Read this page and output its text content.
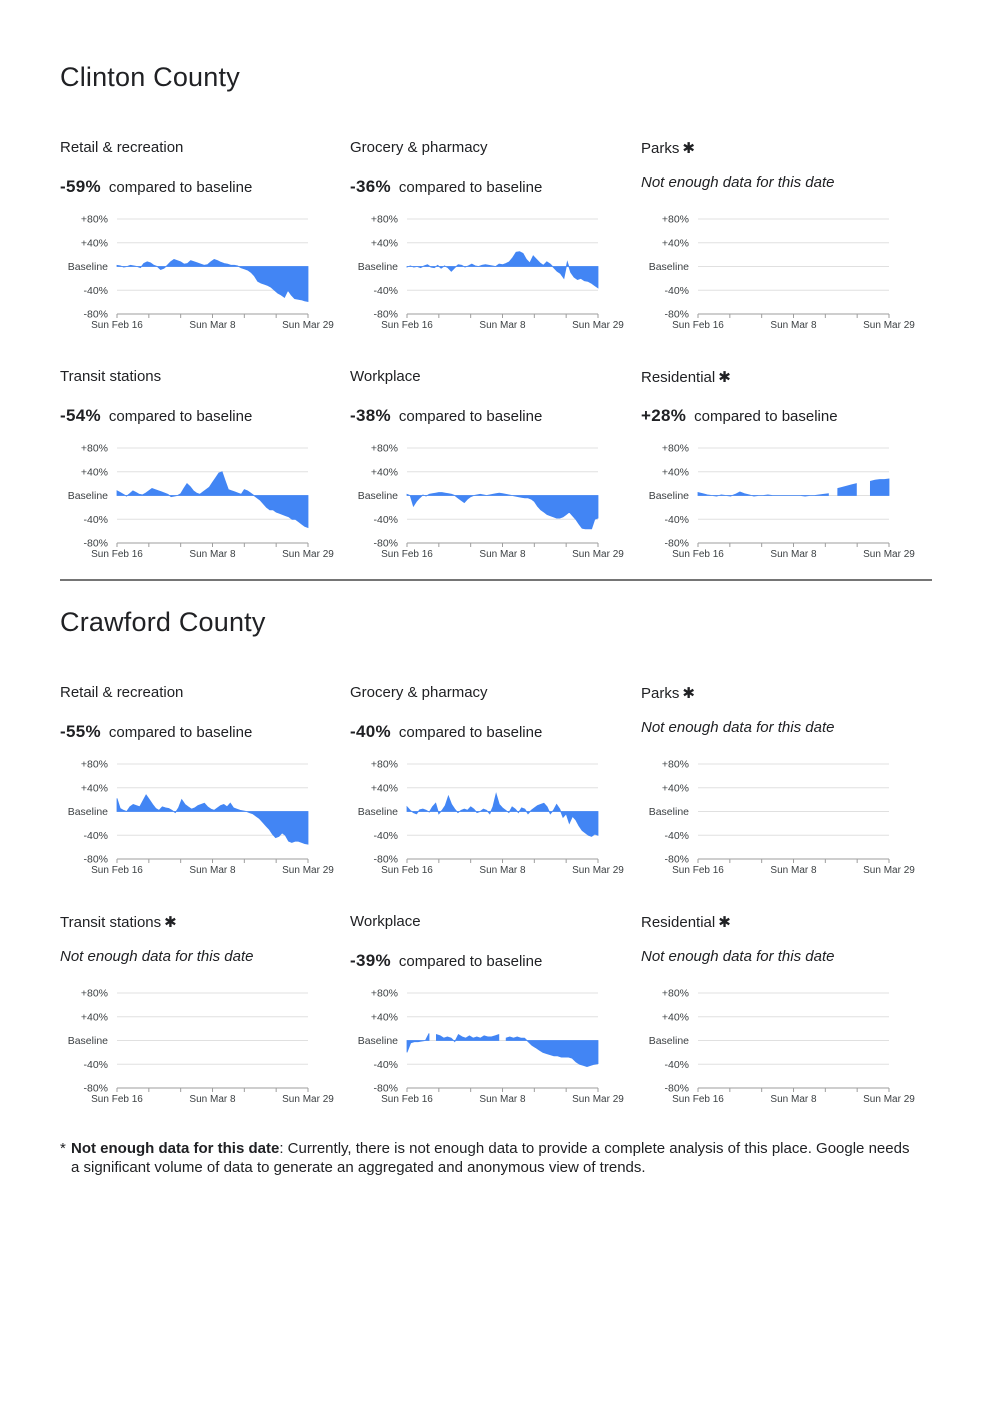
Clinton County
Retail & recreation
-59% compared to baseline
+80%
+40%
Baseline
-40%
-80%
Sun Feb 16	Sun Mar 8	Sun Mar 29
Grocery & pharmacy
-36% compared to baseline
+80%
+40%
Baseline
-40%
-80%
Sun Feb 16	Sun Mar 8	Sun Mar 29
Parks ✱
Not enough data for this date
+80%
+40%
Baseline
-40%
-80%
Sun Feb 16	Sun Mar 8	Sun Mar 29
Transit stations
-54% compared to baseline
+80%
+40%
Baseline
-40%
-80%
Sun Feb 16	Sun Mar 8	Sun Mar 29
Workplace
-38% compared to baseline
+80%
+40%
Baseline
-40%
-80%
Sun Feb 16	Sun Mar 8	Sun Mar 29
Residential ✱
+28% compared to baseline
+80%
+40%
Baseline
-40%
-80%
Sun Feb 16	Sun Mar 8	Sun Mar 29
Crawford County
Retail & recreation
-55% compared to baseline
+80%
+40%
Baseline
-40%
-80%
Sun Feb 16	Sun Mar 8	Sun Mar 29
Grocery & pharmacy
-40% compared to baseline
+80%
+40%
Baseline
-40%
-80%
Sun Feb 16	Sun Mar 8	Sun Mar 29
Parks ✱
Not enough data for this date
+80%
+40%
Baseline
-40%
-80%
Sun Feb 16	Sun Mar 8	Sun Mar 29
Transit stations ✱
Not enough data for this date
+80%
+40%
Baseline
-40%
-80%
Sun Feb 16	Sun Mar 8	Sun Mar 29
Workplace
-39% compared to baseline
+80%
+40%
Baseline
-40%
-80%
Sun Feb 16	Sun Mar 8	Sun Mar 29
Residential ✱
Not enough data for this date
+80%
+40%
Baseline
-40%
-80%
Sun Feb 16	Sun Mar 8	Sun Mar 29
* Not enough data for this date: Currently, there is not enough data to provide a complete analysis of this place. Google needs a significant volume of data to generate an aggregated and anonymous view of trends.
